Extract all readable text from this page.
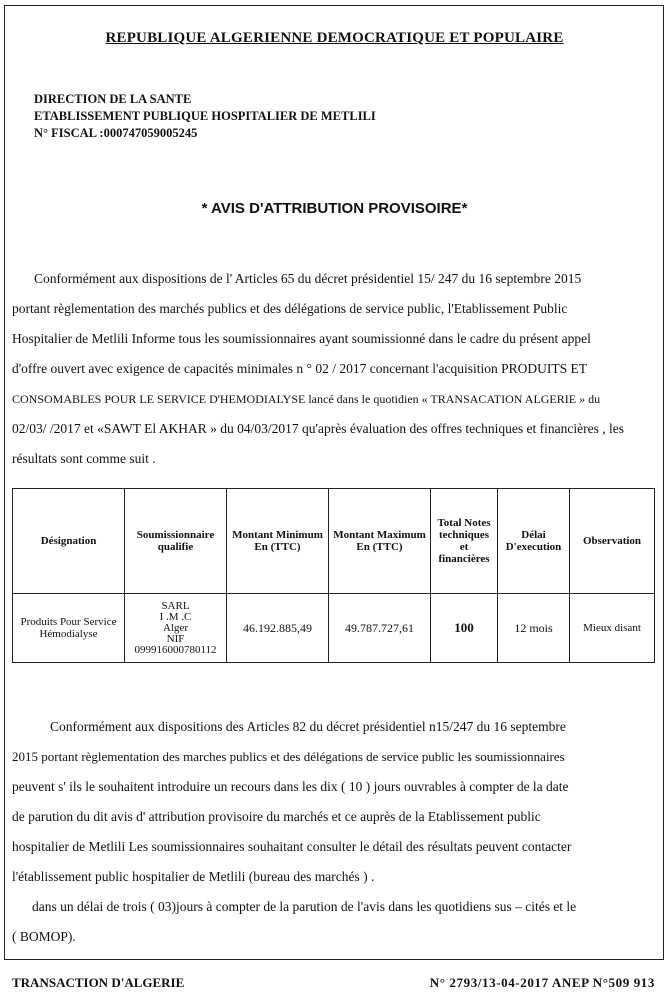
REPUBLIQUE ALGERIENNE DEMOCRATIQUE ET POPULAIRE
DIRECTION DE LA SANTE
ETABLISSEMENT PUBLIQUE HOSPITALIER DE METLILI
N° FISCAL :000747059005245
* AVIS D'ATTRIBUTION PROVISOIRE*

Conformément aux dispositions de l' Articles 65 du décret présidentiel 15/ 247 du 16 septembre 2015

portant règlementation des marchés publics et des délégations de service public, l'Etablissement Public

Hospitalier de Metlili Informe tous les soumissionnaires ayant soumissionné dans le cadre du présent appel

d'offre ouvert avec exigence de capacités minimales n ° 02 / 2017 concernant l'acquisition PRODUITS ET

CONSOMABLES POUR LE SERVICE D'HEMODIALYSE lancé dans le quotidien « TRANSACATION ALGERIE » du

02/03/ /2017 et «SAWT El AKHAR » du 04/03/2017 qu'après évaluation des offres techniques et financières , les

résultats sont comme suit .

Désignation	Soumissionnaire qualifie	Montant Minimum En (TTC)	Montant Maximum En (TTC)	Total Notes techniques et financières	Délai D'execution	Observation
Produits Pour Service Hémodialyse	SARL
I .M .C
Alger
NIF
099916000780112	46.192.885,49	49.787.727,61	100	12 mois	Mieux disant

Conformément aux dispositions des Articles 82 du décret présidentiel n15/247 du 16 septembre

2015 portant règlementation des marches publics et des délégations de service public les soumissionnaires

peuvent s' ils le souhaitent introduire un recours dans les dix ( 10 ) jours ouvrables à compter de la date

de parution du dit avis d' attribution provisoire du marchés et ce auprès de la Etablissement public

hospitalier de Metlili Les soumissionnaires souhaitant consulter le détail des résultats peuvent contacter

l'établissement public hospitalier de Metlili (bureau des marchés ) .

dans un délai de trois ( 03)jours à compter de la parution de l'avis dans les quotidiens sus – cités et le

( BOMOP).

TRANSACTION D'ALGERIE	N° 2793/13-04-2017 ANEP N°509 913
